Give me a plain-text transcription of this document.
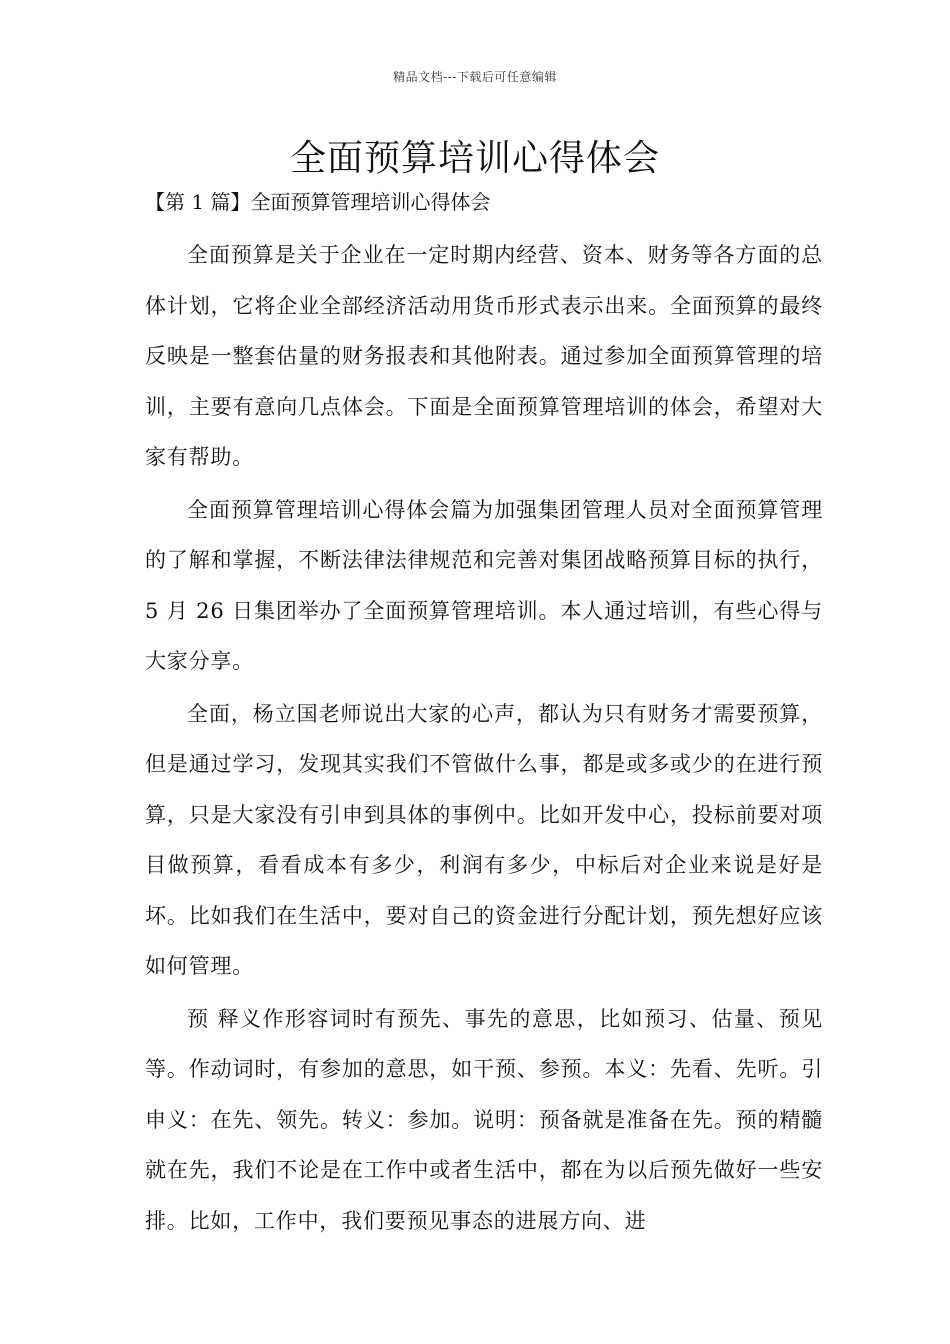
精品文档---下载后可任意编辑
全面预算培训心得体会
【第 1 篇】全面预算管理培训心得体会

全面预算是关于企业在一定时期内经营、资本、财务等各方面的总体计划，它将企业全部经济活动用货币形式表示出来。全面预算的最终反映是一整套估量的财务报表和其他附表。通过参加全面预算管理的培训，主要有意向几点体会。下面是全面预算管理培训的体会，希望对大家有帮助。

全面预算管理培训心得体会篇为加强集团管理人员对全面预算管理的了解和掌握，不断法律法律规范和完善对集团战略预算目标的执行，5 月 26 日集团举办了全面预算管理培训。本人通过培训，有些心得与大家分享。

全面，杨立国老师说出大家的心声，都认为只有财务才需要预算，但是通过学习，发现其实我们不管做什么事，都是或多或少的在进行预算，只是大家没有引申到具体的事例中。比如开发中心，投标前要对项目做预算，看看成本有多少，利润有多少，中标后对企业来说是好是坏。比如我们在生活中，要对自己的资金进行分配计划，预先想好应该如何管理。

预 释义作形容词时有预先、事先的意思，比如预习、估量、预见等。作动词时，有参加的意思，如干预、参预。本义：先看、先听。引申义：在先、领先。转义：参加。说明：预备就是准备在先。预的精髓就在先，我们不论是在工作中或者生活中，都在为以后预先做好一些安排。比如，工作中，我们要预见事态的进展方向、进
